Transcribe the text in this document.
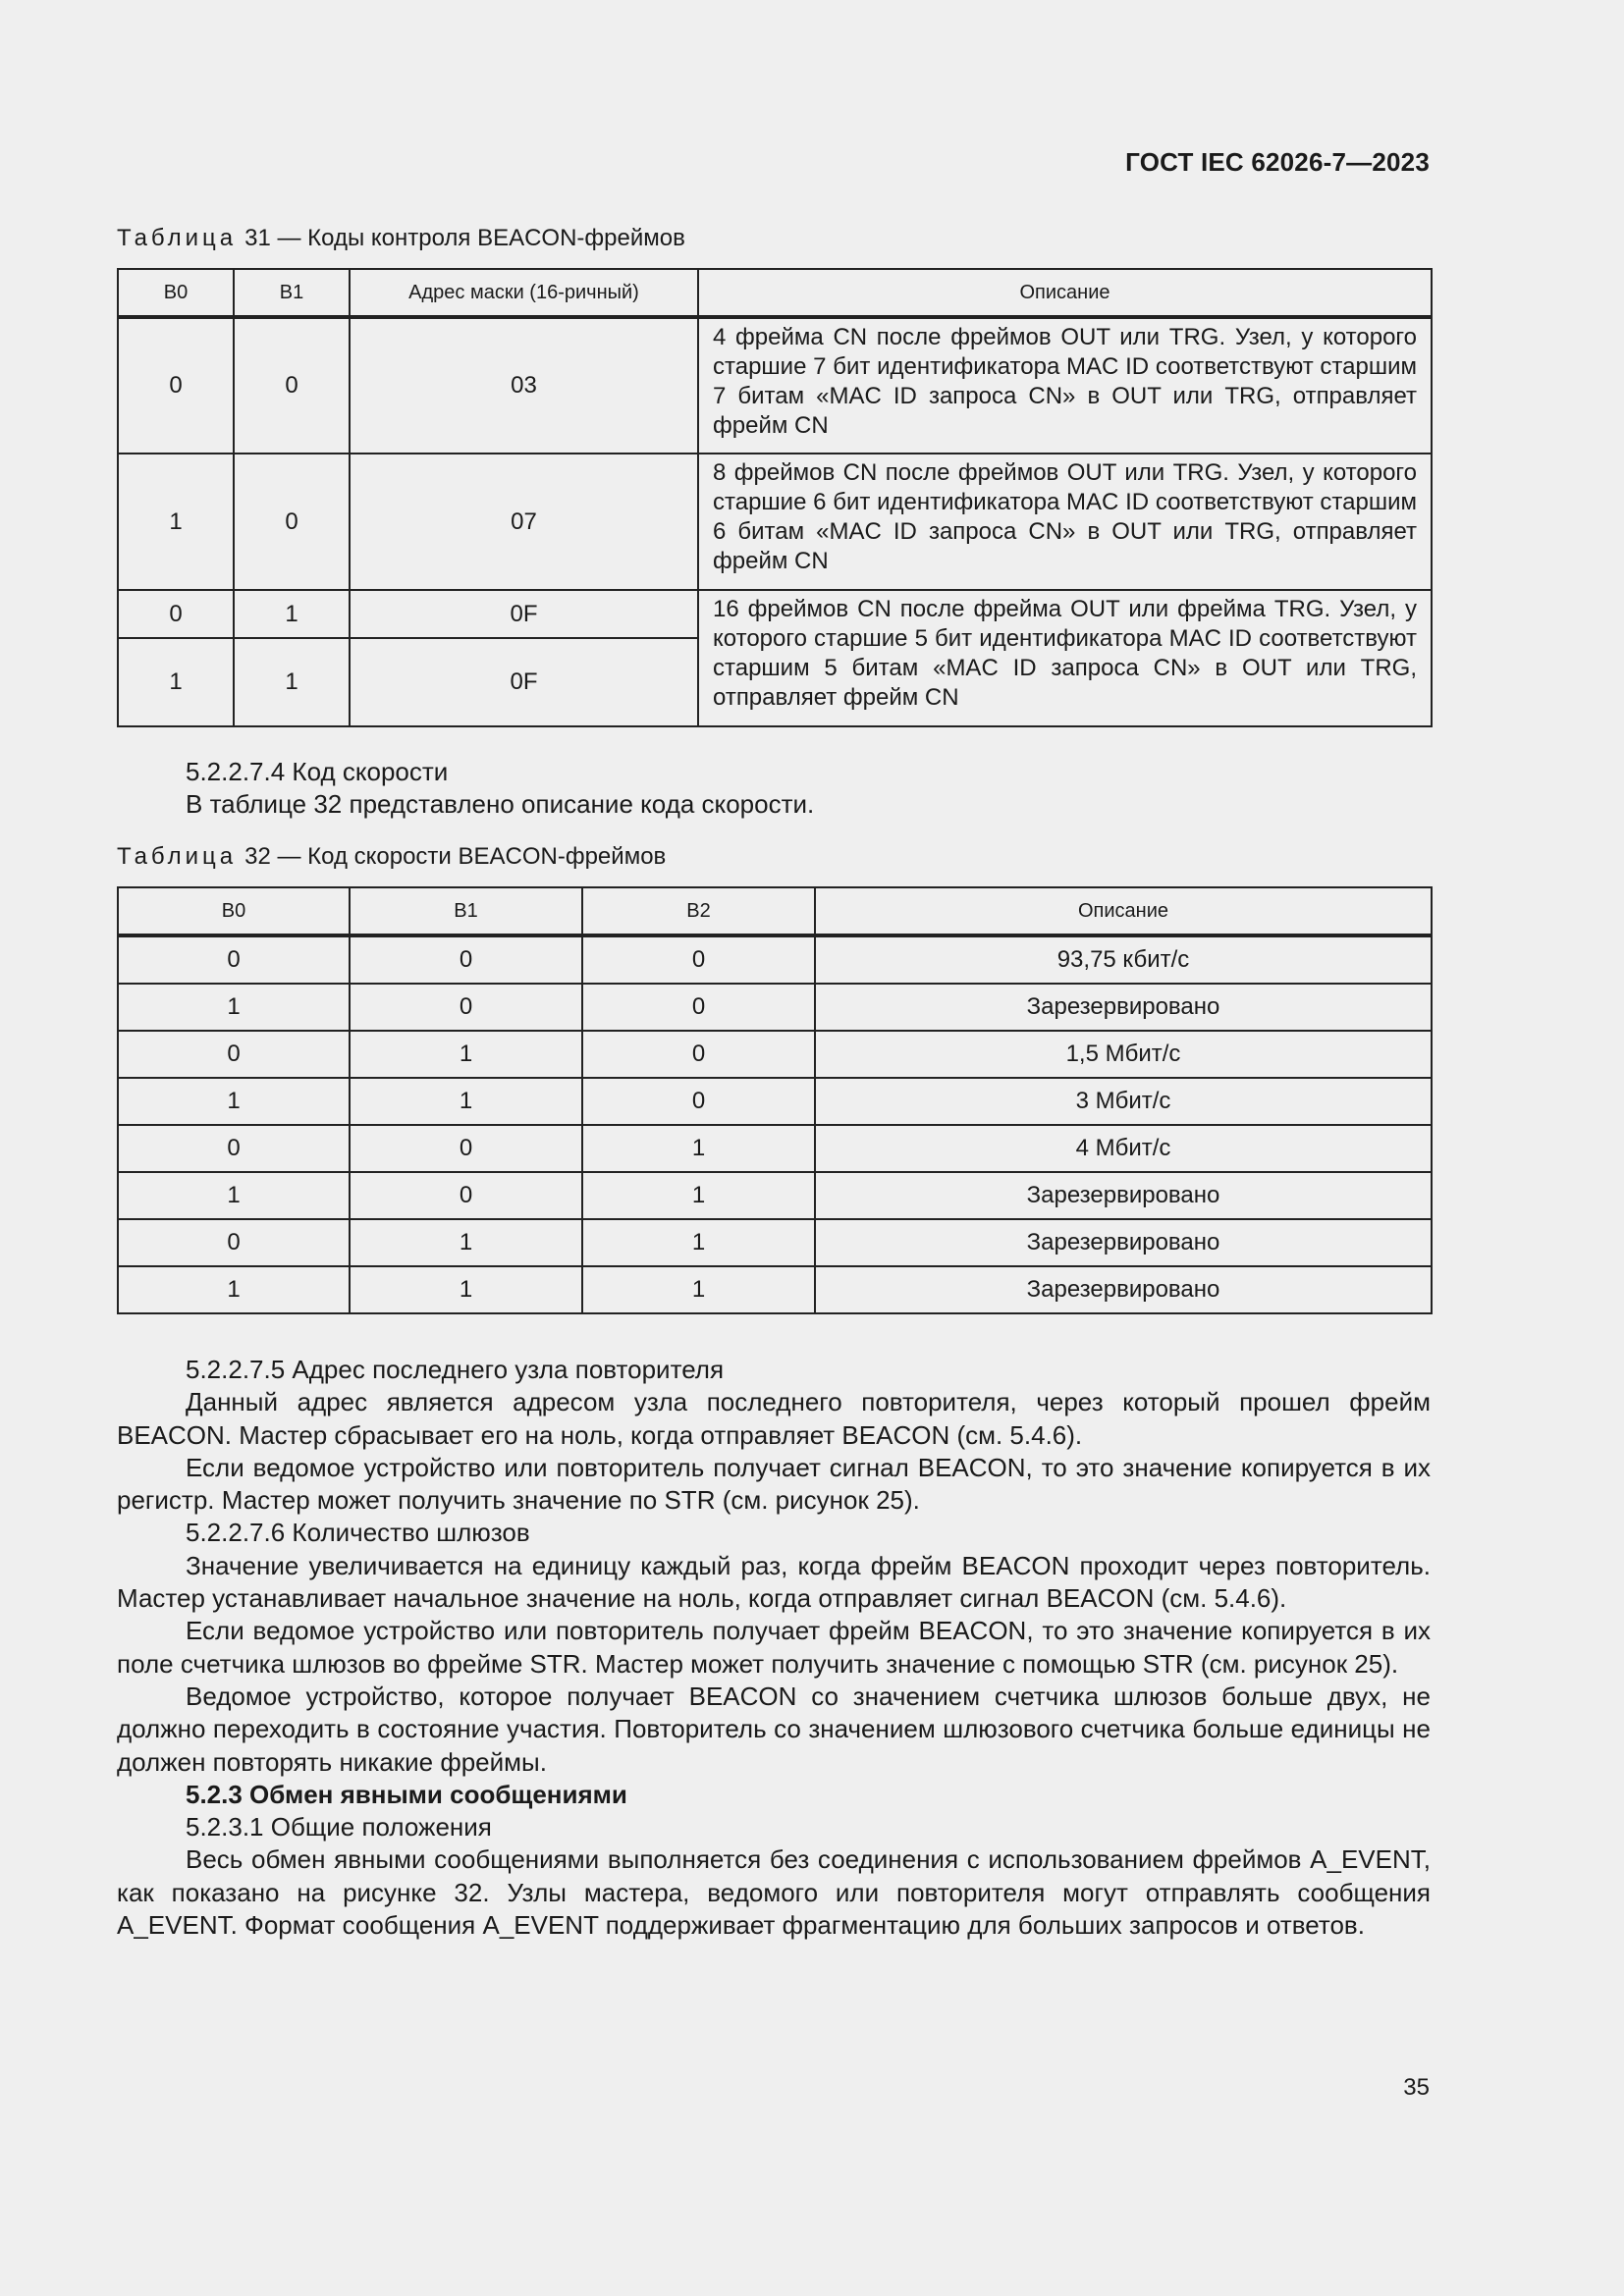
ГОСТ IEC 62026-7—2023
Таблица 31 — Коды контроля BEACON-фреймов
B0	B1	Адрес маски (16-ричный)	Описание
0	0	03	4 фрейма CN после фреймов OUT или TRG. Узел, у которого старшие 7 бит идентификатора MAC ID соответствуют старшим 7 битам «MAC ID запроса CN» в OUT или TRG, отправляет фрейм CN
1	0	07	8 фреймов CN после фреймов OUT или TRG. Узел, у которого старшие 6 бит идентификатора MAC ID соответствуют старшим 6 битам «MAC ID запроса CN» в OUT или TRG, отправляет фрейм CN
0	1	0F	16 фреймов CN после фрейма OUT или фрейма TRG. Узел, у которого старшие 5 бит идентификатора MAC ID соответствуют старшим 5 битам «MAC ID запроса CN» в OUT или TRG, отправляет фрейм CN
1	1	0F	

5.2.2.7.4 Код скорости

В таблице 32 представлено описание кода скорости.

Таблица 32 — Код скорости BEACON-фреймов
B0	B1	B2	Описание
0	0	0	93,75 кбит/с
1	0	0	Зарезервировано
0	1	0	1,5 Мбит/с
1	1	0	3 Мбит/с
0	0	1	4 Мбит/с
1	0	1	Зарезервировано
0	1	1	Зарезервировано
1	1	1	Зарезервировано

5.2.2.7.5 Адрес последнего узла повторителя

Данный адрес является адресом узла последнего повторителя, через который прошел фрейм BEACON. Мастер сбрасывает его на ноль, когда отправляет BEACON (см. 5.4.6).

Если ведомое устройство или повторитель получает сигнал BEACON, то это значение копируется в их регистр. Мастер может получить значение по STR (см. рисунок 25).

5.2.2.7.6 Количество шлюзов

Значение увеличивается на единицу каждый раз, когда фрейм BEACON проходит через повторитель. Мастер устанавливает начальное значение на ноль, когда отправляет сигнал BEACON (см. 5.4.6).

Если ведомое устройство или повторитель получает фрейм BEACON, то это значение копируется в их поле счетчика шлюзов во фрейме STR. Мастер может получить значение с помощью STR (см. рисунок 25).

Ведомое устройство, которое получает BEACON со значением счетчика шлюзов больше двух, не должно переходить в состояние участия. Повторитель со значением шлюзового счетчика больше единицы не должен повторять никакие фреймы.

5.2.3 Обмен явными сообщениями

5.2.3.1 Общие положения

Весь обмен явными сообщениями выполняется без соединения с использованием фреймов A_EVENT, как показано на рисунке 32. Узлы мастера, ведомого или повторителя могут отправлять сообщения A_EVENT. Формат сообщения A_EVENT поддерживает фрагментацию для больших запросов и ответов.

35
